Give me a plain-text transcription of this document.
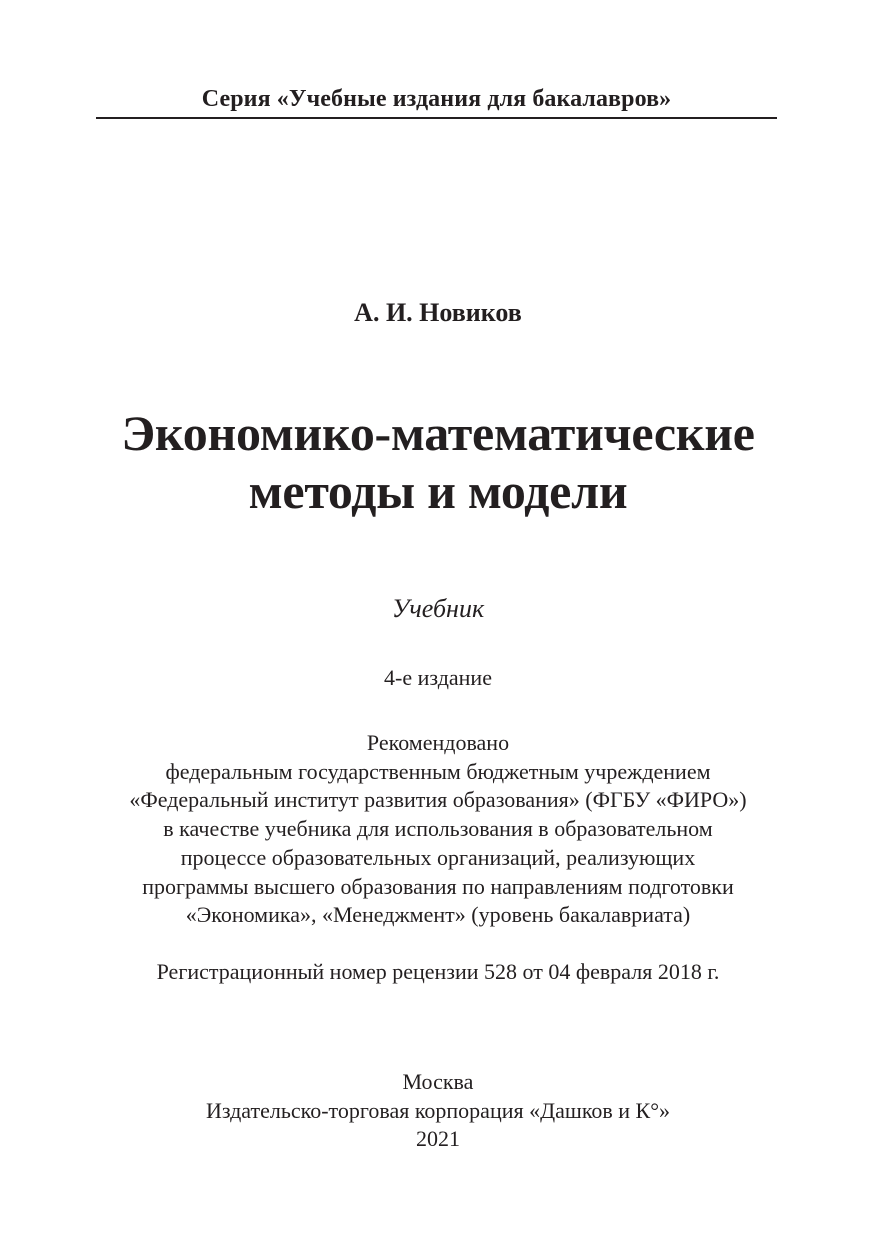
Серия «Учебные издания для бакалавров»
А. И. Новиков
Экономико-математические
методы и модели
Учебник
4-е издание
Рекомендовано
федеральным государственным бюджетным учреждением
«Федеральный институт развития образования» (ФГБУ «ФИРО»)
в качестве учебника для использования в образовательном
процессе образовательных организаций, реализующих
программы высшего образования по направлениям подготовки
«Экономика», «Менеджмент» (уровень бакалавриата)
Регистрационный номер рецензии 528 от 04 февраля 2018 г.
Москва
Издательско-торговая корпорация «Дашков и К°»
2021
